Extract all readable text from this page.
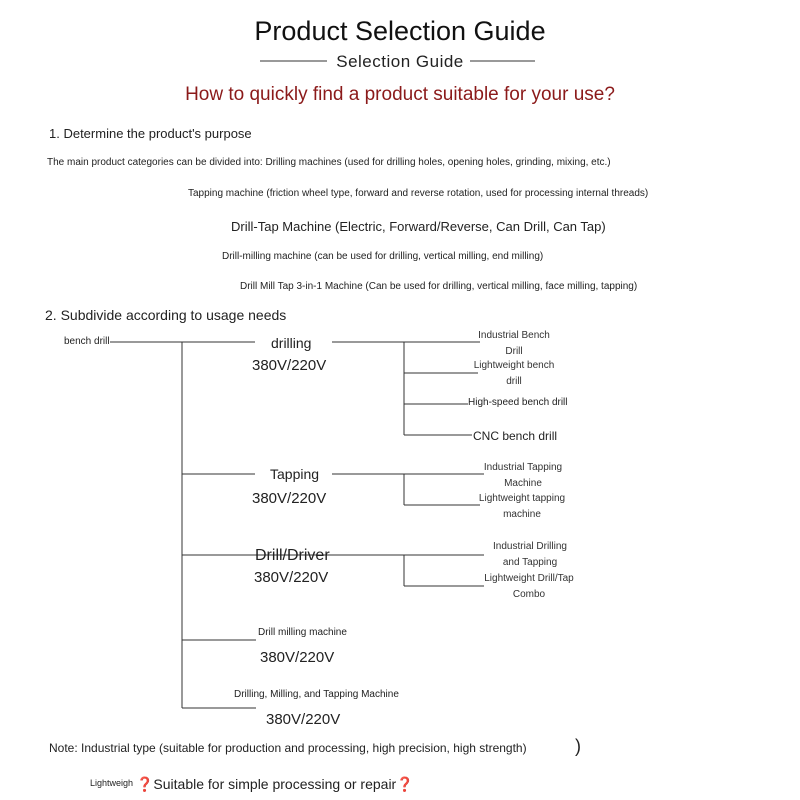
Product Selection Guide
Selection Guide
How to quickly find a product suitable for your use?
1. Determine the product's purpose
The main product categories can be divided into: Drilling machines (used for drilling holes, opening holes, grinding, mixing, etc.)
Tapping machine (friction wheel type, forward and reverse rotation, used for processing internal threads)
Drill-Tap Machine (Electric, Forward/Reverse, Can Drill, Can Tap)
Drill-milling machine (can be used for drilling, vertical milling, end milling)
Drill Mill Tap 3-in-1 Machine (Can be used for drilling, vertical milling, face milling, tapping)
2. Subdivide according to usage needs
bench drill	drilling
380V/220V
Industrial Bench Drill
Lightweight bench drill
High-speed bench drill
CNC bench drill
Tapping
380V/220V
Industrial Tapping Machine
Lightweight tapping machine
Drill/Driver
380V/220V
Industrial Drilling and Tapping
Lightweight Drill/Tap Combo
Drill milling machine
380V/220V
Drilling, Milling, and Tapping Machine
380V/220V
Note: Industrial type (suitable for production and processing, high precision, high strength)	)
Lightweigh ❓Suitable for simple processing or repair❓
